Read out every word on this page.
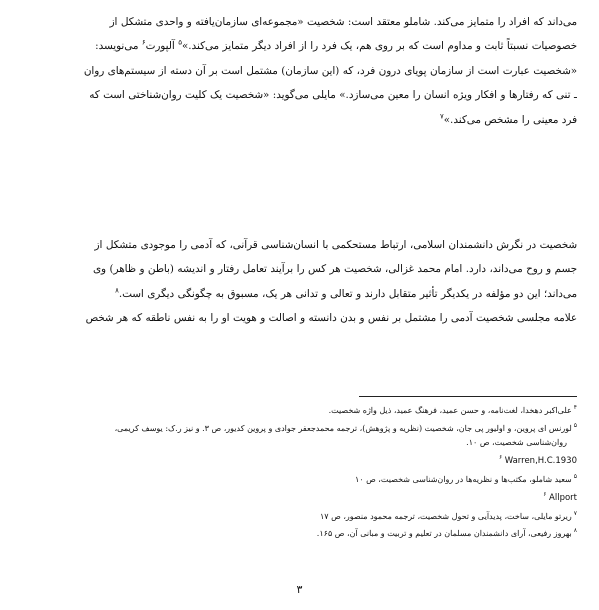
می‌داند که افراد را متمایز می‌کند. شاملو معتقد است: شخصیت «مجموعه‌ای سازمان‌یافته و واحدی متشکل از
خصوصیات نسبتاً ثابت و مداوم است که بر روی هم، یک فرد را از افراد دیگر متمایز می‌کند.»$^۵$ آلپورت$^۶$ می‌نویسد:
«شخصیت عبارت است از سازمان پویای درون فرد، که (این سازمان) مشتمل است بر آن دسته از سیستم‌های روان
ـ تنی که رفتارها و افکار ویژه انسان را معین می‌سازد.» مایلی می‌گوید: «شخصیت یک کلیت روان‌شناختی است که
فرد معینی را مشخص می‌کند.»$^۷$

شخصیت در نگرش دانشمندان اسلامی، ارتباط مستحکمی با انسان‌شناسی قرآنی، که آدمی را موجودی متشکل از
جسم و روح می‌داند، دارد. امام محمد غزالی، شخصیت هر کس را برآیند تعامل رفتار و اندیشه (باطن و ظاهر) وی
می‌داند؛ این دو مؤلفه در یکدیگر تأثیر متقابل دارند و تعالی و تدانی هر یک، مسبوق به چگونگی دیگری است.$^۸$
علامه مجلسی شخصیت آدمی را مشتمل بر نفس و بدن دانسته و اصالت و هویت او را به نفس ناطقه که هر شخص

$^۴$علی‌اکبر دهخدا، لغت‌نامه، و حسن عمید، فرهنگ عمید، ذیل واژه شخصیت.
$^۵$لورنس ای پروین، و اولیور پی جان، شخصیت (نظریه و پژوهش)، ترجمه محمدجعفر جوادی و پروین کدیور، ص ۳. و نیز ر.ک: یوسف کریمی،
روان‌شناسی شخصیت، ص ۱۰.
Warren,H.C.1930 $^۶$
$^۵$سعید شاملو، مکتب‌ها و نظریه‌ها در روان‌شناسی شخصیت، ص ۱۰
Allport $^۶$
$^۷$ریرتو مایلی، ساخت، پدیدآیی و تحول شخصیت، ترجمه محمود منصور، ص ۱۷
$^۸$بهروز رفیعی، آرای دانشمندان مسلمان در تعلیم و تربیت و مبانی آن، ص ۱۶۵.
۳
